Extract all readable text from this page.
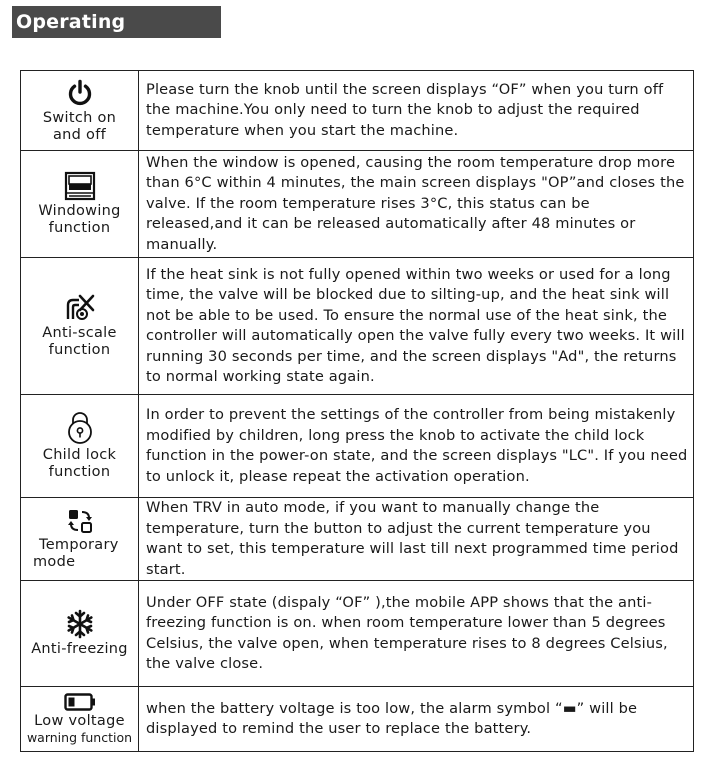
Operating instruction
Switch on
and off	Please turn the knob until the screen displays “OF” when you turn off the machine.You only need to turn the knob to adjust the required temperature when you start the machine.

Windowing
function	When the window is opened, causing the room temperature drop more than 6°C within 4 minutes, the main screen displays "OP”and closes the valve. If the room temperature rises 3°C, this status can be released,and it can be released automatically after 48 minutes or manually.

Anti-scale
function	If the heat sink is not fully opened within two weeks or used for a long time, the valve will be blocked due to silting-up, and the heat sink will not be able to be used. To ensure the normal use of the heat sink, the controller will automatically open the valve fully every two weeks. It will running 30 seconds per time, and the screen displays "Ad", the returns to normal working state again.

Child lock
function	In order to prevent the settings of the controller from being mistakenly modified by children, long press the knob to activate the child lock function in the power-on state, and the screen displays "LC". If you need to unlock it, please repeat the activation operation.

Temporary
mode	When TRV in auto mode, if you want to manually change the temperature, turn the button to adjust the current temperature you want to set, this temperature will last till next programmed time period start.

Anti-freezing	Under OFF state (dispaly “OF” ),the mobile APP shows that the anti-freezing function is on. when room temperature lower than 5 degrees Celsius, the valve open, when temperature rises to 8 degrees Celsius, the valve close.

Low voltage
warning function	when the battery voltage is too low, the alarm symbol “▬” will be displayed to remind the user to replace the battery.
